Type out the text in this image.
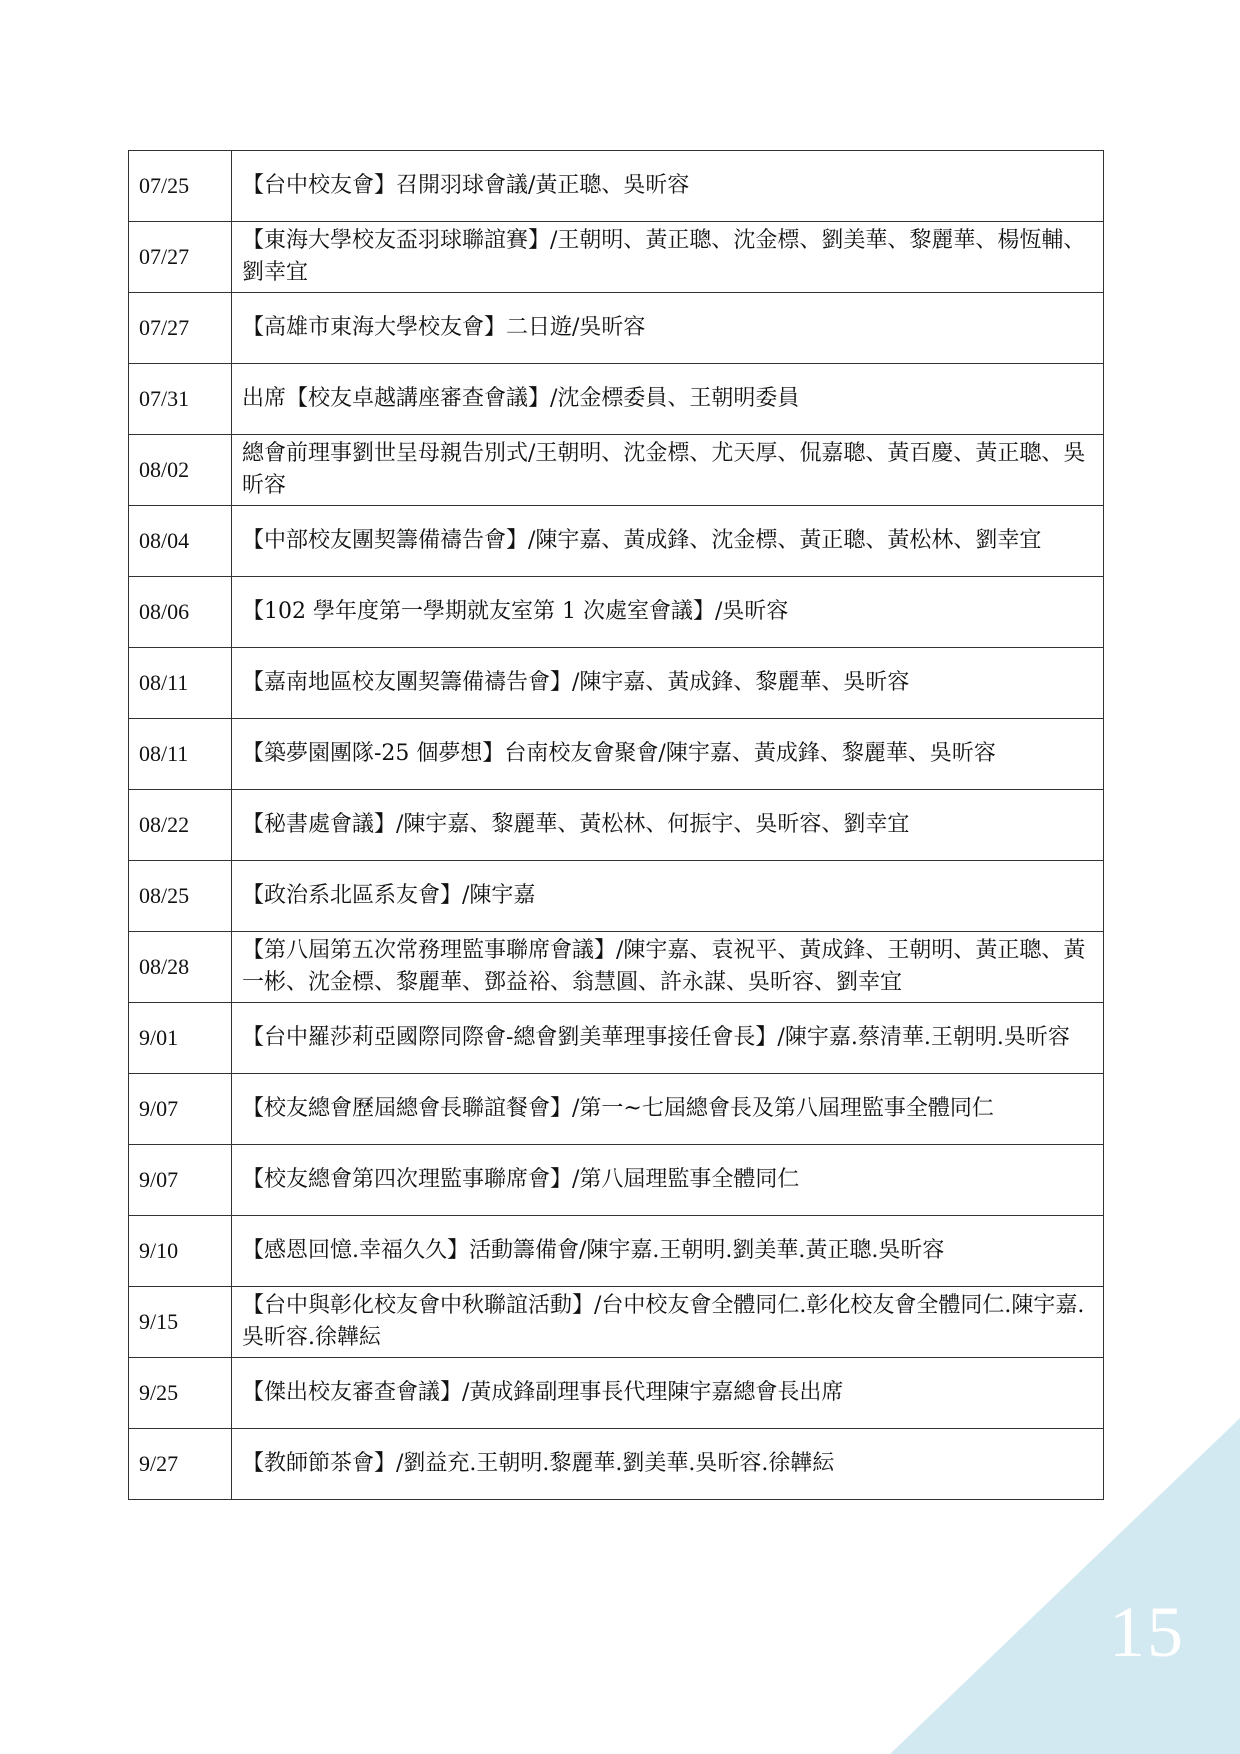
07/25	【台中校友會】召開羽球會議/黃正聰、吳昕容
07/27	【東海大學校友盃羽球聯誼賽】/王朝明、黃正聰、沈金標、劉美華、黎麗華、楊恆輔、劉幸宜
07/27	【高雄市東海大學校友會】二日遊/吳昕容
07/31	出席【校友卓越講座審查會議】/沈金標委員、王朝明委員
08/02	總會前理事劉世呈母親告別式/王朝明、沈金標、尤天厚、侃嘉聰、黃百慶、黃正聰、吳昕容
08/04	【中部校友團契籌備禱告會】/陳宇嘉、黃成鋒、沈金標、黃正聰、黃松林、劉幸宜
08/06	【102 學年度第一學期就友室第 1 次處室會議】/吳昕容
08/11	【嘉南地區校友團契籌備禱告會】/陳宇嘉、黃成鋒、黎麗華、吳昕容
08/11	【築夢園團隊-25 個夢想】台南校友會聚會/陳宇嘉、黃成鋒、黎麗華、吳昕容
08/22	【秘書處會議】/陳宇嘉、黎麗華、黃松林、何振宇、吳昕容、劉幸宜
08/25	【政治系北區系友會】/陳宇嘉
08/28	【第八屆第五次常務理監事聯席會議】/陳宇嘉、袁祝平、黃成鋒、王朝明、黃正聰、黃一彬、沈金標、黎麗華、鄧益裕、翁慧圓、許永謀、吳昕容、劉幸宜
9/01	【台中羅莎莉亞國際同際會-總會劉美華理事接任會長】/陳宇嘉.蔡清華.王朝明.吳昕容
9/07	【校友總會歷屆總會長聯誼餐會】/第一~七屆總會長及第八屆理監事全體同仁
9/07	【校友總會第四次理監事聯席會】/第八屆理監事全體同仁
9/10	【感恩回憶.幸福久久】活動籌備會/陳宇嘉.王朝明.劉美華.黃正聰.吳昕容
9/15	【台中與彰化校友會中秋聯誼活動】/台中校友會全體同仁.彰化校友會全體同仁.陳宇嘉.吳昕容.徐韡紜
9/25	【傑出校友審查會議】/黃成鋒副理事長代理陳宇嘉總會長出席
9/27	【教師節茶會】/劉益充.王朝明.黎麗華.劉美華.吳昕容.徐韡紜
15
